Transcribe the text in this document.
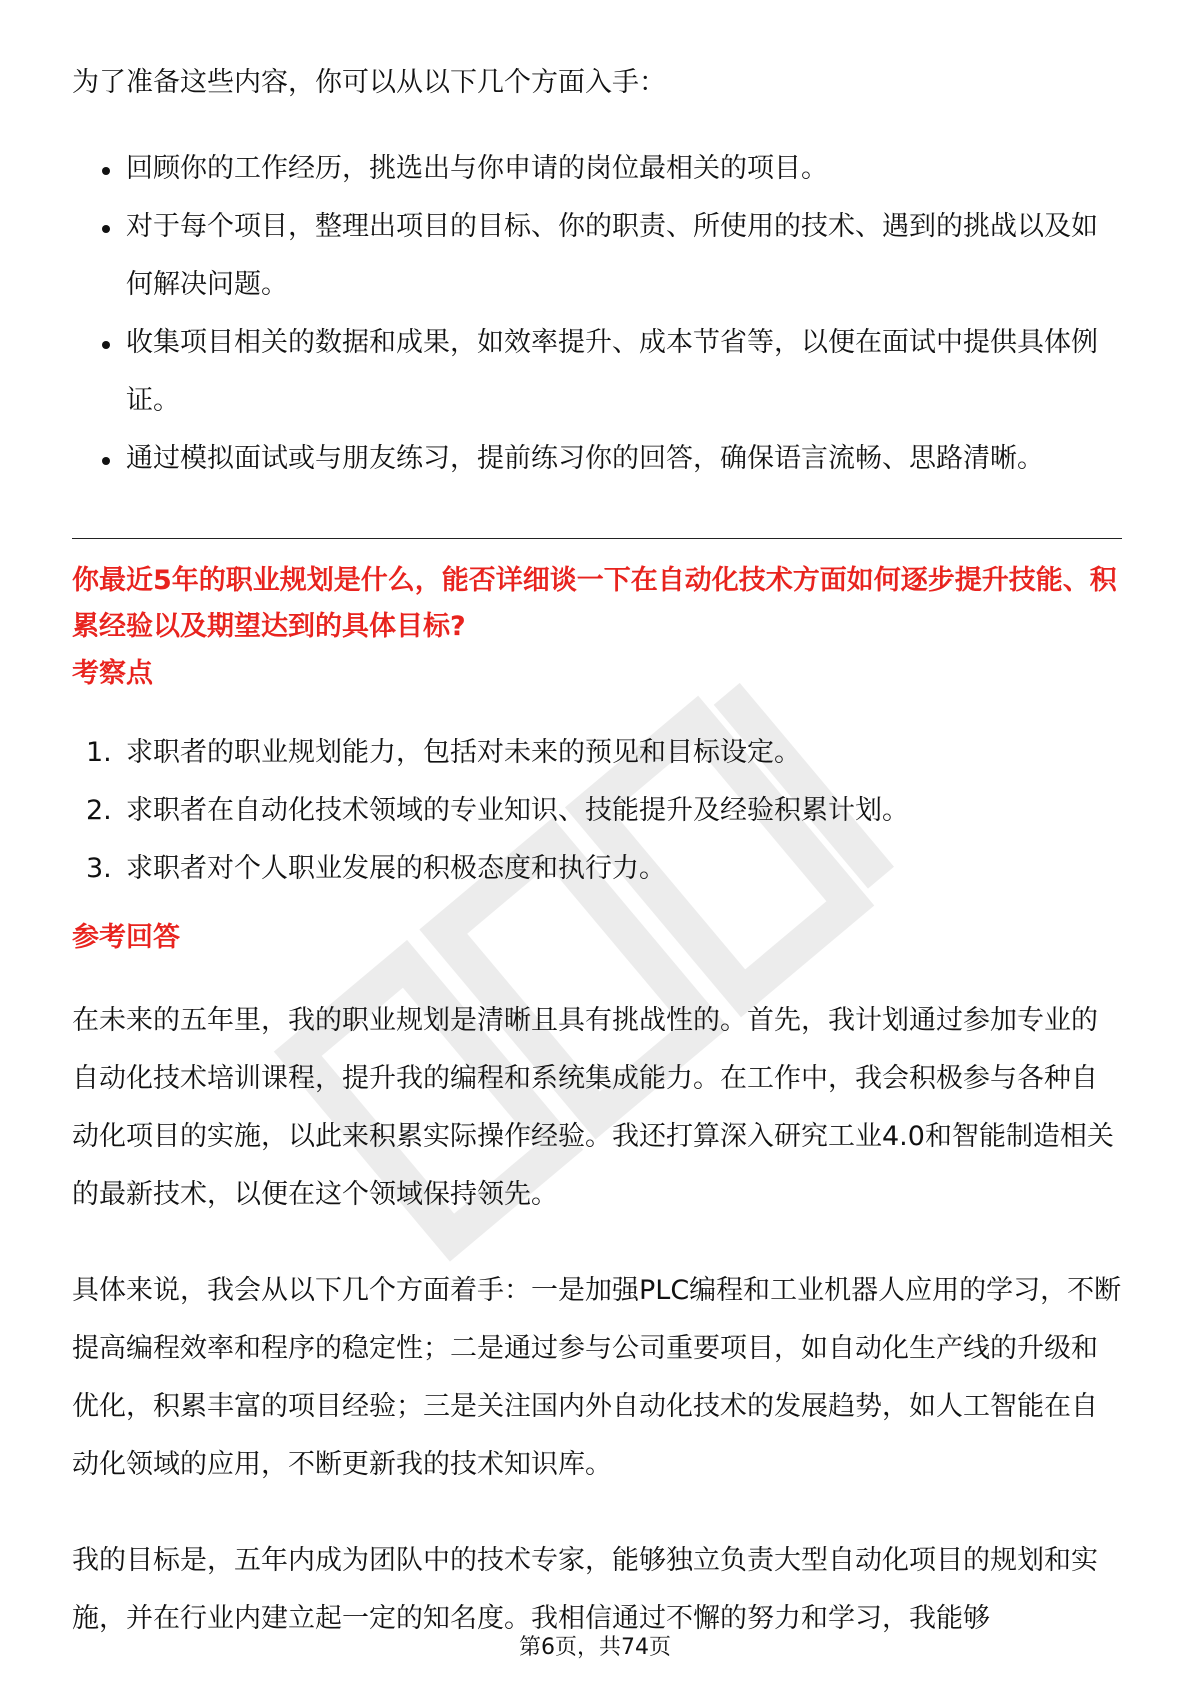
为了准备这些内容，你可以从以下几个方面入手：

回顾你的工作经历，挑选出与你申请的岗位最相关的项目。
对于每个项目，整理出项目的目标、你的职责、所使用的技术、遇到的挑战以及如何解决问题。
收集项目相关的数据和成果，如效率提升、成本节省等，以便在面试中提供具体例证。
通过模拟面试或与朋友练习，提前练习你的回答，确保语言流畅、思路清晰。

你最近5年的职业规划是什么，能否详细谈一下在自动化技术方面如何逐步提升技能、积累经验以及期望达到的具体目标?

考察点

1. 求职者的职业规划能力，包括对未来的预见和目标设定。
2. 求职者在自动化技术领域的专业知识、技能提升及经验积累计划。
3. 求职者对个人职业发展的积极态度和执行力。

参考回答

在未来的五年里，我的职业规划是清晰且具有挑战性的。首先，我计划通过参加专业的自动化技术培训课程，提升我的编程和系统集成能力。在工作中，我会积极参与各种自动化项目的实施，以此来积累实际操作经验。我还打算深入研究工业4.0和智能制造相关的最新技术，以便在这个领域保持领先。

具体来说，我会从以下几个方面着手：一是加强PLC编程和工业机器人应用的学习，不断提高编程效率和程序的稳定性；二是通过参与公司重要项目，如自动化生产线的升级和优化，积累丰富的项目经验；三是关注国内外自动化技术的发展趋势，如人工智能在自动化领域的应用，不断更新我的技术知识库。

我的目标是，五年内成为团队中的技术专家，能够独立负责大型自动化项目的规划和实施，并在行业内建立起一定的知名度。我相信通过不懈的努力和学习，我能够

第6页，共74页
